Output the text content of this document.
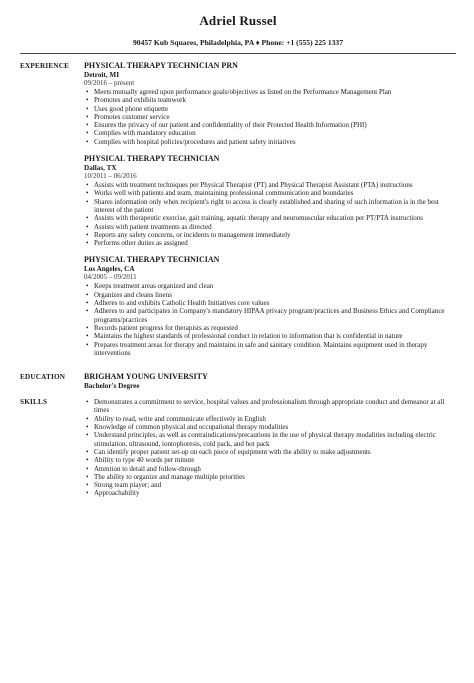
Adriel Russel
90457 Kub Squares, Philadelphia, PA ♦ Phone: +1 (555) 225 1337
EXPERIENCE	PHYSICAL THERAPY TECHNICIAN PRN
Detroit, MI
09/2016 – present
• Meets mutually agreed upon performance goals/objectives as listed on the Performance Management Plan
• Promotes and exhibits teamwork
• Uses good phone etiquette
• Promotes customer service
• Ensures the privacy of our patient and confidentiality of their Protected Health Information (PHI)
• Complies with mandatory education
• Complies with hospital policies/procedures and patient safety initiatives
PHYSICAL THERAPY TECHNICIAN
Dallas, TX
10/2011 – 06/2016
• Assists with treatment techniques per Physical Therapist (PT) and Physical Therapist Assistant (PTA) instructions
• Works well with patients and team, maintaining professional communication and boundaries
• Shares information only when recipient's right to access is clearly established and sharing of such information is in the best interest of the patient
• Assists with therapeutic exercise, gait training, aquatic therapy and neuromuscular education per PT/PTA instructions
• Assists with patient treatments as directed
• Reports any safety concerns, or incidents to management immediately
• Performs other duties as assigned
PHYSICAL THERAPY TECHNICIAN
Los Angeles, CA
04/2005 – 09/2011
• Keeps treatment areas organized and clean
• Organizes and cleans linens
• Adheres to and exhibits Catholic Health Initiatives core values
• Adheres to and participates in Company's mandatory HIPAA privacy program/practices and Business Ethics and Compliance programs/practices
• Records patient progress for therapists as requested
• Maintains the highest standards of professional conduct in relation to information that is confidential in nature
• Prepares treatment areas for therapy and maintains in safe and sanitary condition. Maintains equipment used in therapy interventions
EDUCATION	BRIGHAM YOUNG UNIVERSITY
Bachelor's Degree
SKILLS
•	Demonstrates a commitment to service, hospital values and professionalism through appropriate conduct and demeanor at all times
• Ability to read, write and communicate effectively in English
• Knowledge of common physical and occupational therapy modalities
• Understand principles, as well as contraindications/precautions in the use of physical therapy modalities including electric stimulation, ultrasound, iontophoresis, cold pack, and hot pack
• Can identify proper patient set-up on each piece of equipment with the ability to make adjustments
• Ability to type 40 words per minute
• Attention to detail and follow-through
• The ability to organize and manage multiple priorities
• Strong team player; and
• Approachability
